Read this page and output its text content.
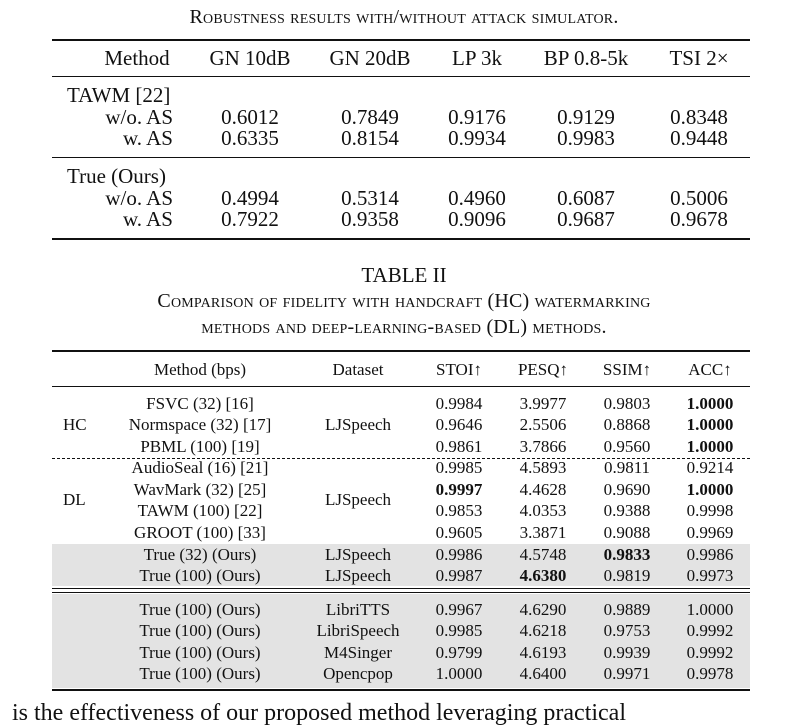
Robustness results with/without attack simulator.
Method GN 10dB GN 20dB LP 3k BP 0.8-5k TSI 2×
TAWM [22]
w/o. AS 0.6012	0.7849 0.9176 0.9129	0.8348
w. AS 0.6335	0.8154 0.9934 0.9983	0.9448
True (Ours)
w/o. AS 0.4994	0.5314 0.4960 0.6087	0.5006
w. AS 0.7922	0.9358 0.9096 0.9687	0.9678
TABLE II
Comparison of fidelity with handcraft (HC) watermarking
methods and deep-learning-based (DL) methods.
Method (bps)	Dataset	STOI↑ PESQ↑ SSIM↑ ACC↑
HC	LJSpeech
FSVC (32) [16]	0.9984 3.9977 0.9803 1.0000
Normspace (32) [17]	0.9646 2.5506 0.8868 1.0000
PBML (100) [19]	0.9861 3.7866 0.9560 1.0000
DL	LJSpeech
AudioSeal (16) [21]	0.9985 4.5893 0.9811 0.9214
WavMark (32) [25]	0.9997 4.4628 0.9690 1.0000
TAWM (100) [22]	0.9853 4.0353 0.9388 0.9998
GROOT (100) [33]	0.9605 3.3871 0.9088 0.9969
True (32) (Ours)	LJSpeech	0.9986 4.5748 0.9833 0.9986
True (100) (Ours)	LJSpeech	0.9987 4.6380 0.9819 0.9973
True (100) (Ours)	LibriTTS	0.9967 4.6290 0.9889 1.0000
True (100) (Ours)	LibriSpeech 0.9985 4.6218 0.9753 0.9992
True (100) (Ours)	M4Singer	0.9799 4.6193 0.9939 0.9992
True (100) (Ours)	Opencpop	1.0000 4.6400 0.9971 0.9978
is the effectiveness of our proposed method leveraging practical
